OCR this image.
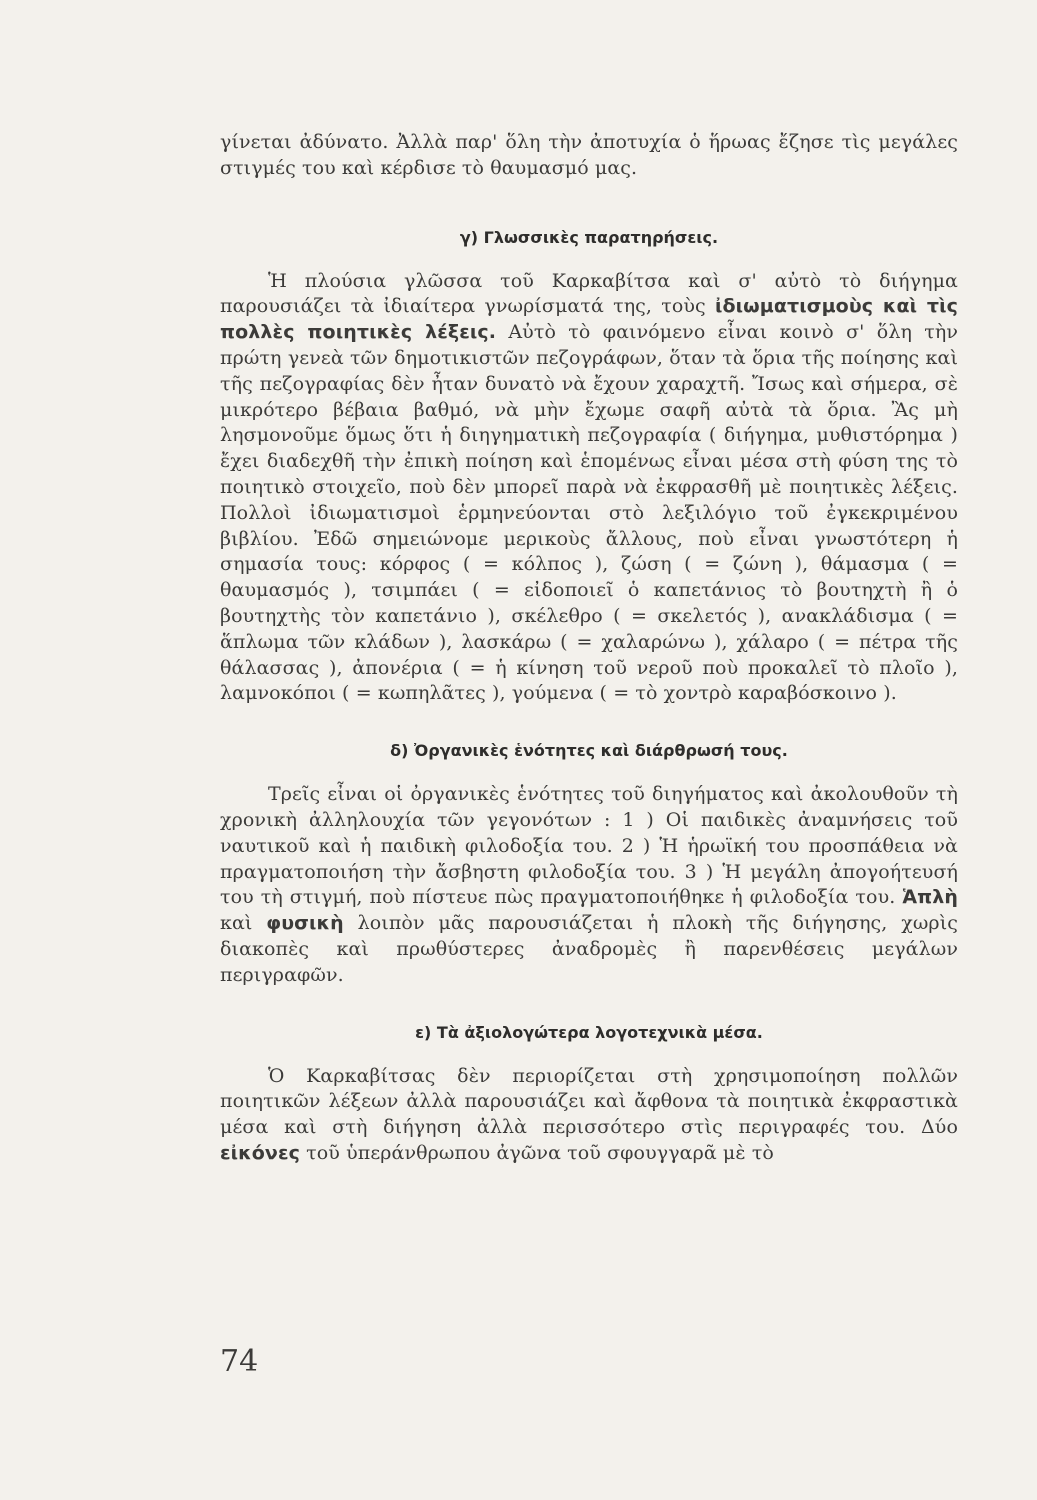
γίνεται ἀδύνατο. Ἀλλὰ παρ' ὅλη τὴν ἀποτυχία ὁ ἥρωας ἔζησε τὶς μεγάλες στιγμές του καὶ κέρδισε τὸ θαυμασμό μας.

γ) Γλωσσικὲς παρατηρήσεις.

Ἡ πλούσια γλῶσσα τοῦ Καρκαβίτσα καὶ σ' αὐτὸ τὸ διήγημα παρουσιάζει τὰ ἰδιαίτερα γνωρίσματά της, τοὺς ἰδιωματισμοὺς καὶ τὶς πολλὲς ποιητικὲς λέξεις. Αὐτὸ τὸ φαινόμενο εἶναι κοινὸ σ' ὅλη τὴν πρώτη γενεὰ τῶν δημοτικιστῶν πεζογράφων, ὅταν τὰ ὅρια τῆς ποίησης καὶ τῆς πεζογραφίας δὲν ἦταν δυνατὸ νὰ ἔχουν χαραχτῆ. Ἴσως καὶ σήμερα, σὲ μικρότερο βέβαια βαθμό, νὰ μὴν ἔχωμε σαφῆ αὐτὰ τὰ ὅρια. Ἂς μὴ λησμονοῦμε ὅμως ὅτι ἡ διηγηματικὴ πεζογραφία ( διήγημα, μυθιστόρημα ) ἔχει διαδεχθῆ τὴν ἐπικὴ ποίηση καὶ ἑπομένως εἶναι μέσα στὴ φύση της τὸ ποιητικὸ στοιχεῖο, ποὺ δὲν μπορεῖ παρὰ νὰ ἐκφρασθῆ μὲ ποιητικὲς λέξεις. Πολλοὶ ἰδιωματισμοὶ ἑρμηνεύονται στὸ λεξιλόγιο τοῦ ἐγκεκριμένου βιβλίου. Ἐδῶ σημειώνομε μερικοὺς ἄλλους, ποὺ εἶναι γνωστότερη ἡ σημασία τους: κόρφος ( = κόλπος ), ζώση ( = ζώνη ), θάμασμα ( = θαυμασμός ), τσιμπάει ( = εἰδοποιεῖ ὁ καπετάνιος τὸ βουτηχτὴ ἢ ὁ βουτηχτὴς τὸν καπετάνιο ), σκέλεθρο ( = σκελετός ), ανακλάδισμα ( = ἅπλωμα τῶν κλάδων ), λασκάρω ( = χαλαρώνω ), χάλαρο ( = πέτρα τῆς θάλασσας ), ἀπονέρια ( = ἡ κίνηση τοῦ νεροῦ ποὺ προκαλεῖ τὸ πλοῖο ), λαμνοκόποι ( = κωπηλᾶτες ), γούμενα ( = τὸ χοντρὸ καραβόσκοινο ).

δ) Ὀργανικὲς ἑνότητες καὶ διάρθρωσή τους.

Τρεῖς εἶναι οἱ ὀργανικὲς ἑνότητες τοῦ διηγήματος καὶ ἀκολουθοῦν τὴ χρονικὴ ἀλληλουχία τῶν γεγονότων : 1 ) Οἱ παιδικὲς ἀναμνήσεις τοῦ ναυτικοῦ καὶ ἡ παιδικὴ φιλοδοξία του. 2 ) Ἡ ἡρωϊκή του προσπάθεια νὰ πραγματοποιήση τὴν ἄσβηστη φιλοδοξία του. 3 ) Ἡ μεγάλη ἀπογοήτευσή του τὴ στιγμή, ποὺ πίστευε πὼς πραγματοποιήθηκε ἡ φιλοδοξία του. Ἁπλὴ καὶ φυσικὴ λοιπὸν μᾶς παρουσιάζεται ἡ πλοκὴ τῆς διήγησης, χωρὶς διακοπὲς καὶ πρωθύστερες ἀναδρομὲς ἢ παρενθέσεις μεγάλων περιγραφῶν.

ε) Τὰ ἀξιολογώτερα λογοτεχνικὰ μέσα.

Ὁ Καρκαβίτσας δὲν περιορίζεται στὴ χρησιμοποίηση πολλῶν ποιητικῶν λέξεων ἀλλὰ παρουσιάζει καὶ ἄφθονα τὰ ποιητικὰ ἐκφραστικὰ μέσα καὶ στὴ διήγηση ἀλλὰ περισσότερο στὶς περιγραφές του. Δύο εἰκόνες τοῦ ὑπεράνθρωπου ἀγῶνα τοῦ σφουγγαρᾶ μὲ τὸ

74
